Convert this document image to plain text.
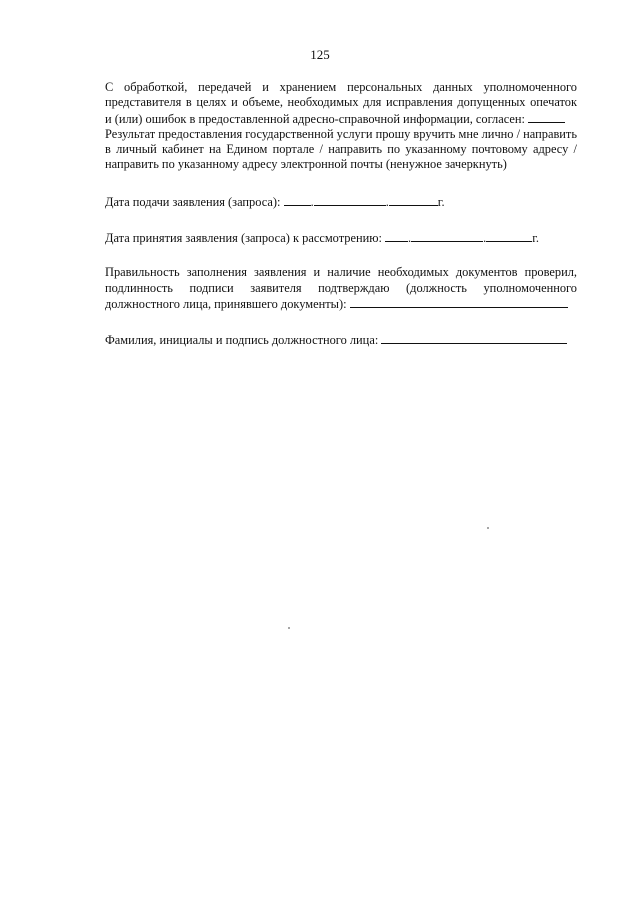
125
С обработкой, передачей и хранением персональных данных уполномоченного
представителя в целях и объеме, необходимых для исправления допущенных опечаток
и (или) ошибок в предоставленной адресно-справочной информации, согласен:
Результат предоставления государственной услуги прошу вручить мне лично / направить
в личный кабинет на Едином портале / направить по указанному почтовому адресу /
направить по указанному адресу электронной почты (ненужное зачеркнуть)
Дата подачи заявления (запроса): .	.	г.
Дата принятия заявления (запроса) к рассмотрению: .	.	г.
Правильность заполнения заявления и наличие необходимых документов проверил,
подлинность подписи заявителя подтверждаю (должность уполномоченного
должностного лица, принявшего документы):
Фамилия, инициалы и подпись должностного лица:
